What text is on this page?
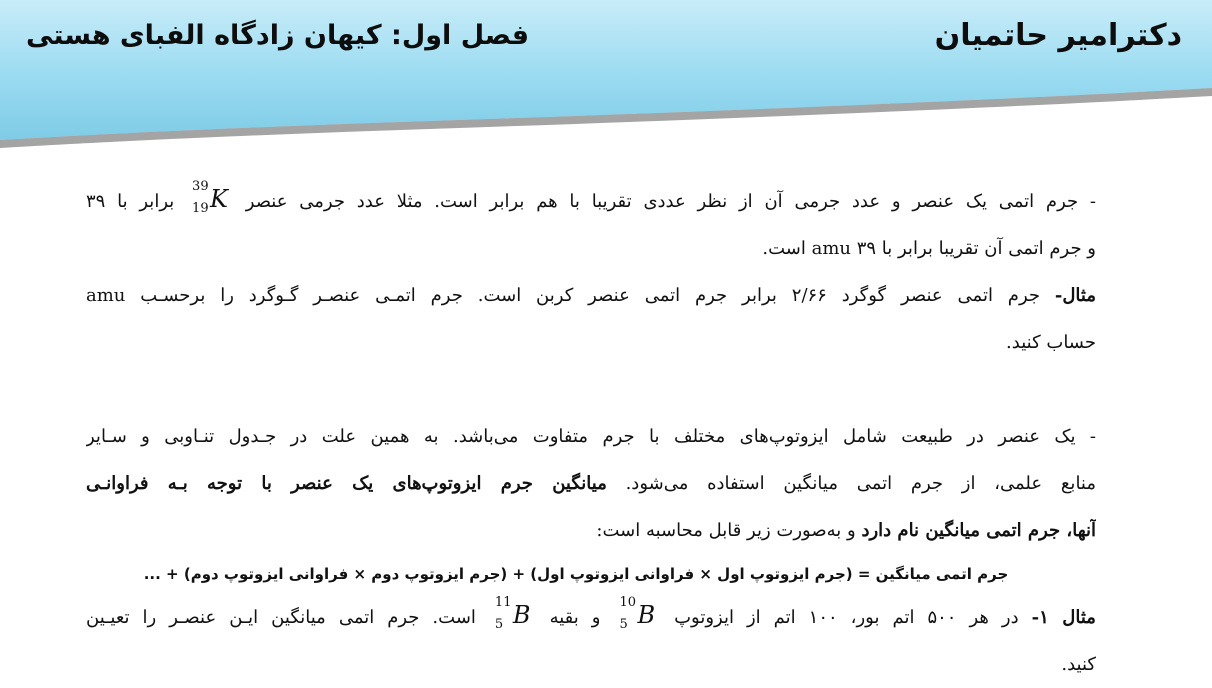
دکترامیر حاتمیان
فصل اول: کیهان زادگاه الفبای هستی
- جرم اتمی یک عنصر و عدد جرمی آن از نظر عددی تقریبا با هم برابر است. مثلا عدد جرمی عنصر
39
19 K برابر با ۳۹
و جرم اتمی آن تقریبا برابر با amu ۳۹ است.
مثال- جرم اتمی عنصر گوگرد ۲/۶۶ برابر جرم اتمی عنصر کربن است. جرم اتمـی عنصـر گـوگرد را برحسـب amu
حساب کنید.
- یک عنصر در طبیعت شامل ایزوتوپ‌های مختلف با جرم متفاوت می‌باشد. به همین علت در جـدول تنـاوبی و سـایر
منابع علمی، از جرم اتمی میانگین استفاده می‌شود. میانگین جرم ایزوتوپ‌های یک عنصر با توجه بـه فراوانـی
آنها، جرم اتمی میانگین نام دارد و به‌صورت زیر قابل محاسبه است:
جرم اتمی میانگین = (جرم ایزوتوپ اول × فراوانی ایزوتوپ اول) + (جرم ایزوتوپ دوم × فراوانی ایزوتوپ دوم) + ...
مثال ۱- در هر ۵۰۰ اتم بور، ۱۰۰ اتم از ایزوتوپ
10
5 B و بقیه
11
5 B است. جرم اتمی میانگین ایـن عنصـر را تعیـین
کنید.
